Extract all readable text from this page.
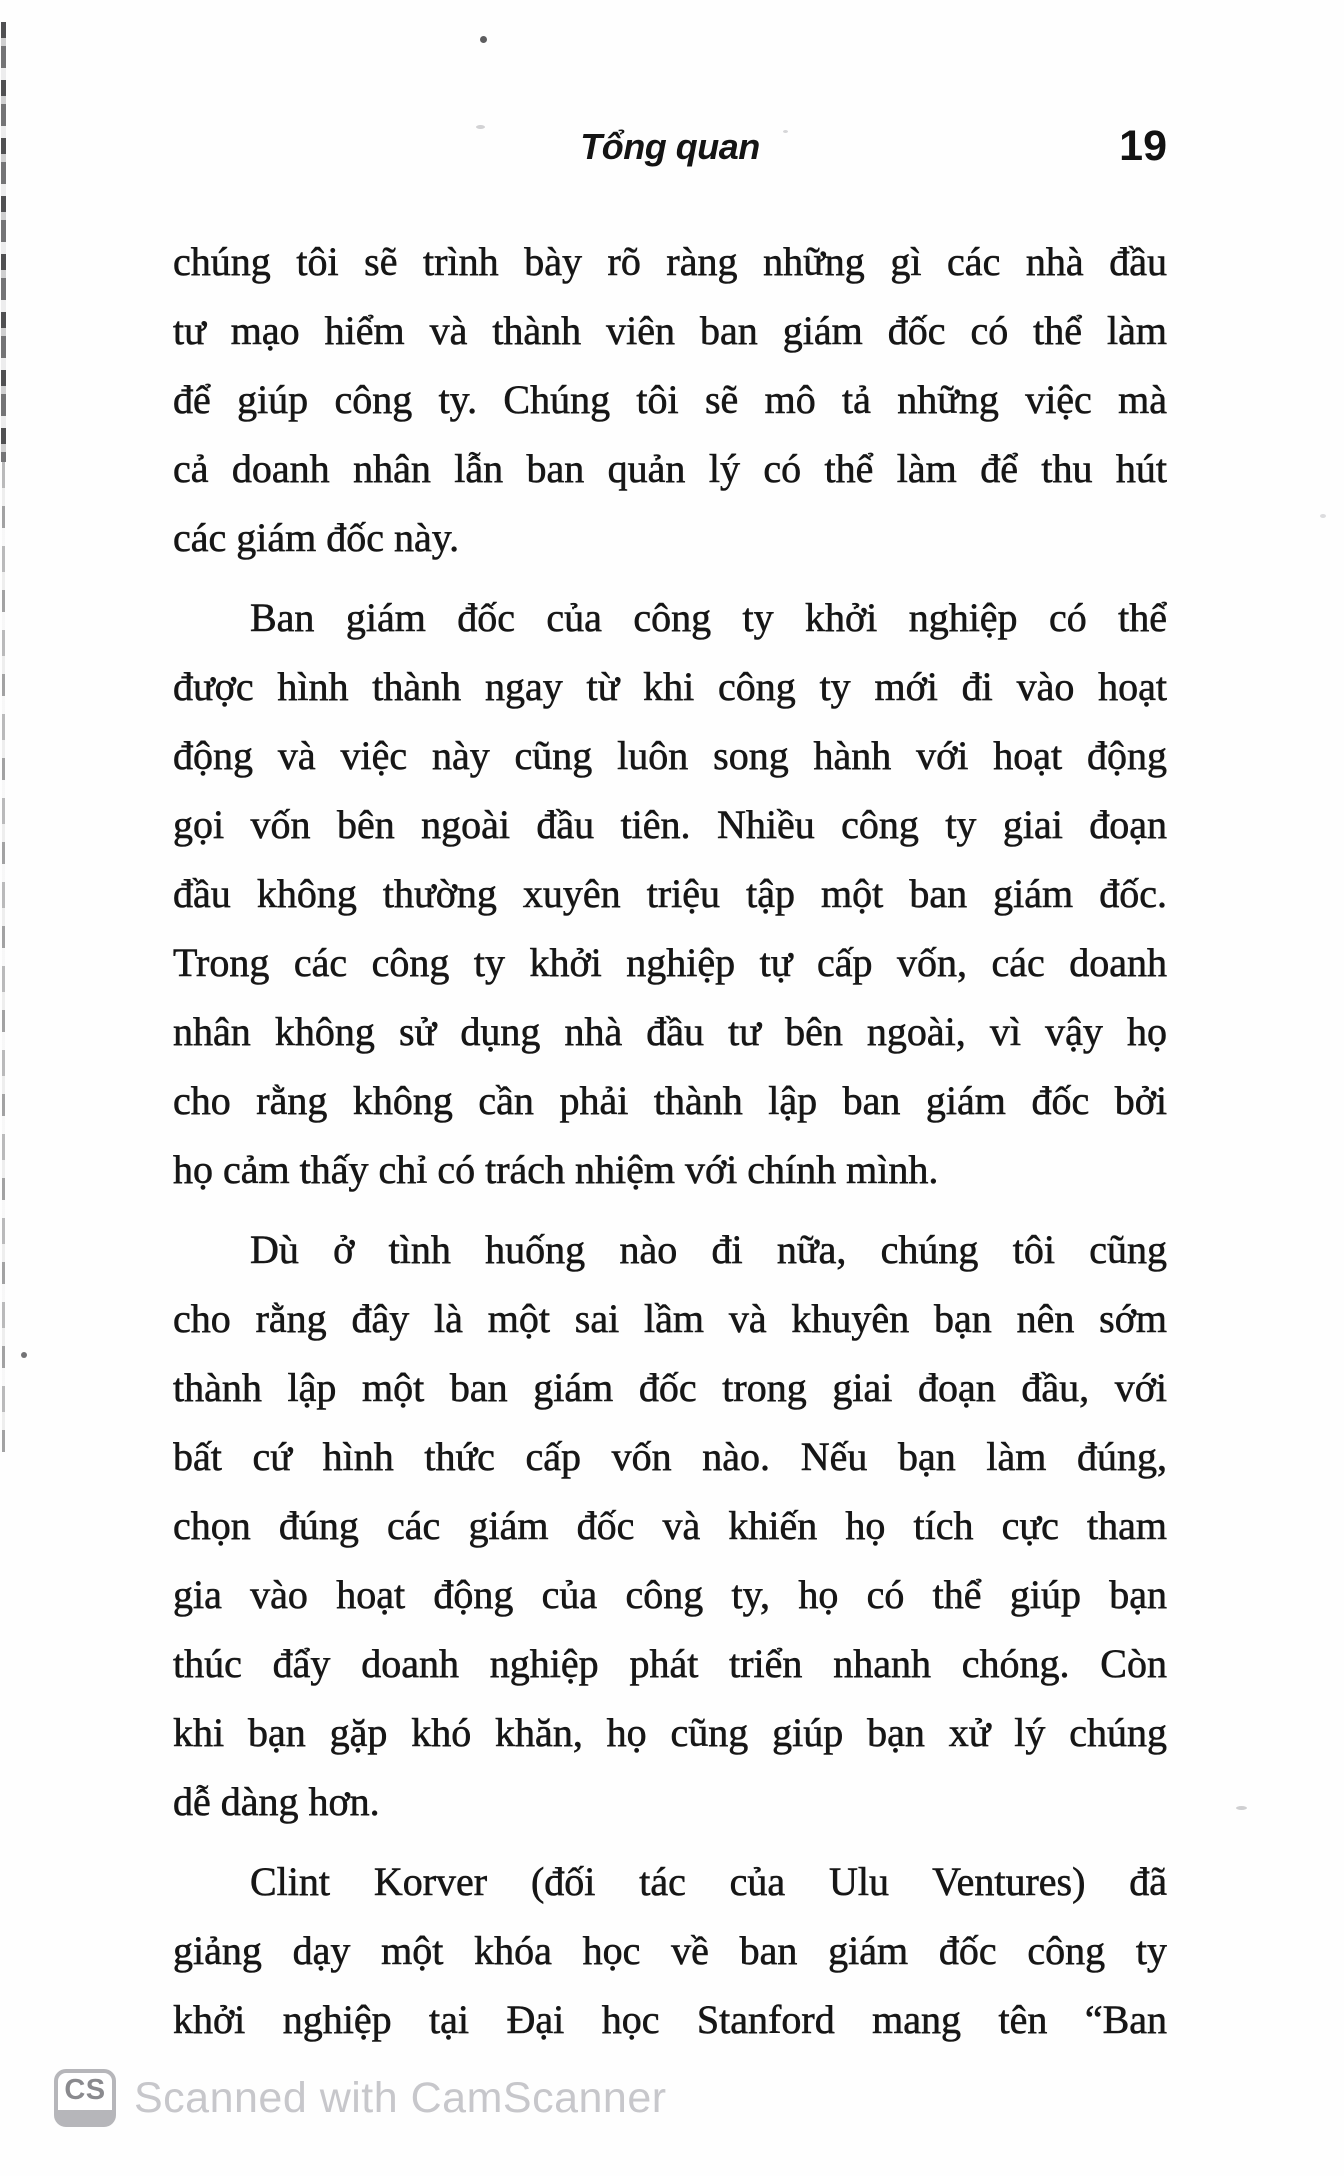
Tổng quan	19
chúng tôi sẽ trình bày rõ ràng những gì các nhà đầu
tư mạo hiểm và thành viên ban giám đốc có thể làm
để giúp công ty. Chúng tôi sẽ mô tả những việc mà
cả doanh nhân lẫn ban quản lý có thể làm để thu hút
các giám đốc này.
Ban giám đốc của công ty khởi nghiệp có thể
được hình thành ngay từ khi công ty mới đi vào hoạt
động và việc này cũng luôn song hành với hoạt động
gọi vốn bên ngoài đầu tiên. Nhiều công ty giai đoạn
đầu không thường xuyên triệu tập một ban giám đốc.
Trong các công ty khởi nghiệp tự cấp vốn, các doanh
nhân không sử dụng nhà đầu tư bên ngoài, vì vậy họ
cho rằng không cần phải thành lập ban giám đốc bởi
họ cảm thấy chỉ có trách nhiệm với chính mình.
Dù ở tình huống nào đi nữa, chúng tôi cũng
cho rằng đây là một sai lầm và khuyên bạn nên sớm
thành lập một ban giám đốc trong giai đoạn đầu, với
bất cứ hình thức cấp vốn nào. Nếu bạn làm đúng,
chọn đúng các giám đốc và khiến họ tích cực tham
gia vào hoạt động của công ty, họ có thể giúp bạn
thúc đẩy doanh nghiệp phát triển nhanh chóng. Còn
khi bạn gặp khó khăn, họ cũng giúp bạn xử lý chúng
dễ dàng hơn.
Clint Korver (đối tác của Ulu Ventures) đã
giảng dạy một khóa học về ban giám đốc công ty
khởi nghiệp tại Đại học Stanford mang tên “Ban
CS Scanned with CamScanner
